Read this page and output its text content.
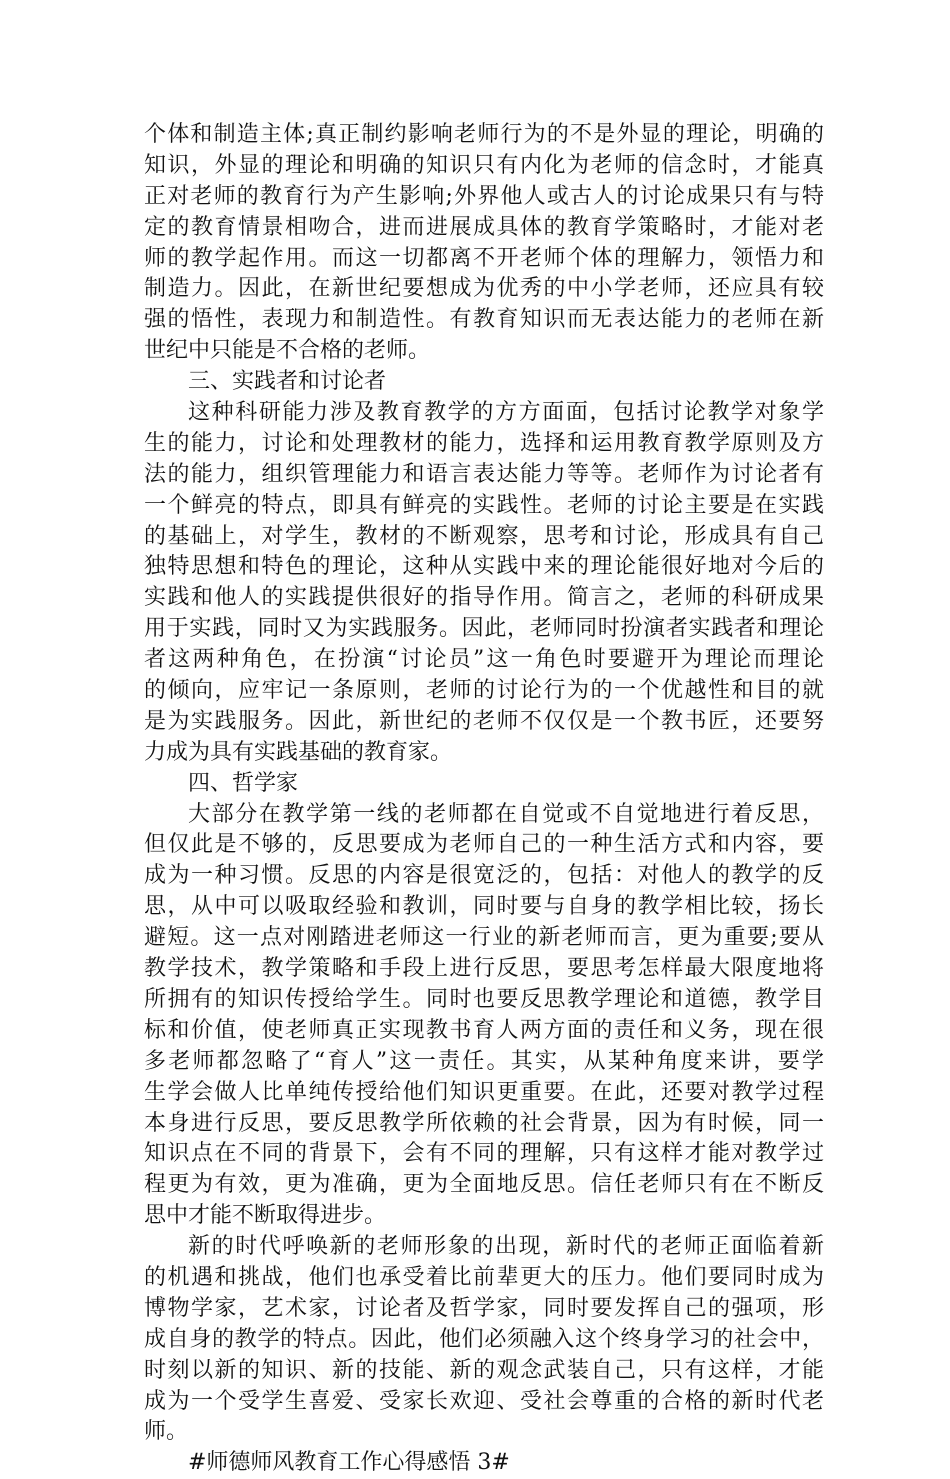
个体和制造主体;真正制约影响老师行为的不是外显的理论，明确的
知识，外显的理论和明确的知识只有内化为老师的信念时，才能真
正对老师的教育行为产生影响;外界他人或古人的讨论成果只有与特
定的教育情景相吻合，进而进展成具体的教育学策略时，才能对老
师的教学起作用。而这一切都离不开老师个体的理解力，领悟力和
制造力。因此，在新世纪要想成为优秀的中小学老师，还应具有较
强的悟性，表现力和制造性。有教育知识而无表达能力的老师在新
世纪中只能是不合格的老师。
三、实践者和讨论者
这种科研能力涉及教育教学的方方面面，包括讨论教学对象学
生的能力，讨论和处理教材的能力，选择和运用教育教学原则及方
法的能力，组织管理能力和语言表达能力等等。老师作为讨论者有
一个鲜亮的特点，即具有鲜亮的实践性。老师的讨论主要是在实践
的基础上，对学生，教材的不断观察，思考和讨论，形成具有自己
独特思想和特色的理论，这种从实践中来的理论能很好地对今后的
实践和他人的实践提供很好的指导作用。简言之，老师的科研成果
用于实践，同时又为实践服务。因此，老师同时扮演者实践者和理论
者这两种角色，在扮演“讨论员”这一角色时要避开为理论而理论
的倾向，应牢记一条原则，老师的讨论行为的一个优越性和目的就
是为实践服务。因此，新世纪的老师不仅仅是一个教书匠，还要努
力成为具有实践基础的教育家。
四、哲学家
大部分在教学第一线的老师都在自觉或不自觉地进行着反思，
但仅此是不够的，反思要成为老师自己的一种生活方式和内容，要
成为一种习惯。反思的内容是很宽泛的，包括：对他人的教学的反
思，从中可以吸取经验和教训，同时要与自身的教学相比较，扬长
避短。这一点对刚踏进老师这一行业的新老师而言，更为重要;要从
教学技术，教学策略和手段上进行反思，要思考怎样最大限度地将
所拥有的知识传授给学生。同时也要反思教学理论和道德，教学目
标和价值，使老师真正实现教书育人两方面的责任和义务，现在很
多老师都忽略了“育人”这一责任。其实，从某种角度来讲，要学
生学会做人比单纯传授给他们知识更重要。在此，还要对教学过程
本身进行反思，要反思教学所依赖的社会背景，因为有时候，同一
知识点在不同的背景下，会有不同的理解，只有这样才能对教学过
程更为有效，更为准确，更为全面地反思。信任老师只有在不断反
思中才能不断取得进步。
新的时代呼唤新的老师形象的出现，新时代的老师正面临着新
的机遇和挑战，他们也承受着比前辈更大的压力。他们要同时成为
博物学家，艺术家，讨论者及哲学家，同时要发挥自己的强项，形
成自身的教学的特点。因此，他们必须融入这个终身学习的社会中，
时刻以新的知识、新的技能、新的观念武装自己，只有这样，才能
成为一个受学生喜爱、受家长欢迎、受社会尊重的合格的新时代老
师。
#师德师风教育工作心得感悟 3#
